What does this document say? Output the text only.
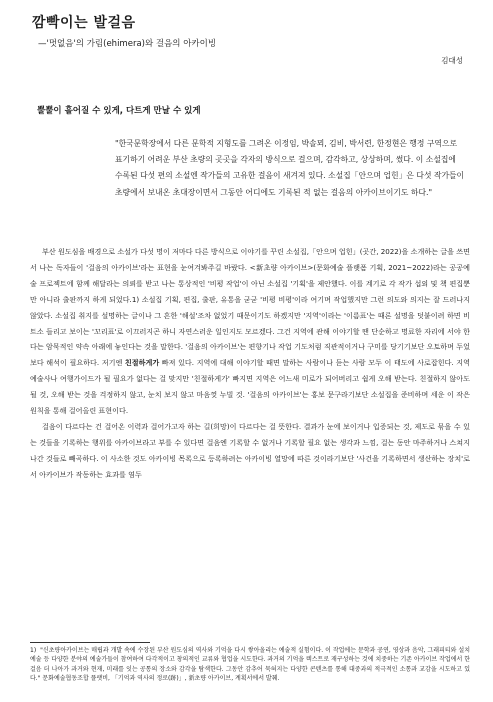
깜빡이는 발걸음
—'멋없음'의 가림(ehimera)와 걸음의 아카이빙
김대성
뿔뿔이 흩어질 수 있게, 다트게 만날 수 있게
"한국문학장에서 다른 문학적 지형도를 그려온 이정임, 박솔뫼, 김비, 박서련, 한정현은 행정 구역으로 표기하기 어려운 부산 초량의 곳곳을 각자의 방식으로 걸으며, 감각하고, 상상하며, 썼다. 이 소설집에 수록된 다섯 편의 소설엔 작가들의 고유한 걸음이 새겨져 있다. 소설집「안으며 업힌」은 다섯 작가들이 초량에서 보내온 초대장이면서 그동안 어디에도 기록된 적 없는 걸음의 아카이브이기도 하다."

부산 원도심을 배경으로 소설가 다섯 명이 저마다 다른 방식으로 이야기를 꾸린 소설집,「안으며 업힌」(곳간, 2022)을 소개하는 글을 쓰면서 나는 독자들이 '걸음의 아카이브'라는 표현을 눈여겨봐주길 바랐다. <新초량 아카이브>(문화예술 플랫폼 기획, 2021~2022)라는 공공예술 프로젝트에 함께 해달라는 의뢰를 받고 나는 통상적인 '비평 작업'이 아닌 소설집 '기획'을 제안했다. 이를 계기로 각 작가 섭외 및 책 편집뿐만 아니라 출판까지 하게 되었다.1) 소설집 기획, 편집, 출판, 유통을 굳굳 '비평 비평'이라 여기며 작업했지만 그런 의도와 의지는 잘 드러나지 않았다. 소설집 취지를 설명하는 글이나 그 흔한 '해설'조차 없었기 때문이기도 하겠지만 '지역'이라는 '이름표'는 때론 설명을 덧붙이려 하면 비트소 들리고 보이는 '꼬리표'로 이끄러지곤 하니 자연스러운 일인지도 모르겠다. 그건 지역에 관해 이야기할 땐 단순하고 명료한 자리에 서야 한다는 암묵적인 약속 아래에 놓인다는 것을 말한다. '걸음의 아카이브'는 편향기나 작업 기도처럼 직관적이거나 구미를 당기기보단 오토하며 두었보다 해석이 필요하다. 저기엔 친절하게가 빠져 있다. 지역에 대해 이야기할 때면 말하는 사람이나 듣는 사람 모두 이 태도에 사로잡힌다. 지역예술사나 여행가이드가 될 필요가 없다는 걸 맞지만 '친절하게가' 빠지면 지역은 어느새 미로가 되어버리고 쉽게 오해 받는다. 친절하지 않아도 될 것, 오해 받는 것을 걱정하지 않고, 눈치 보지 않고 마음껏 누빌 것. '걸음의 아카이브'는 홍보 문구라기보단 소설집을 준비하며 세운 이 작은 원칙을 통해 걸어올린 표현이다.

걸음이 다르다는 건 걸어온 이력과 걸어가고자 하는 길(희망)이 다르다는 걸 뜻한다. 결과가 눈에 보이거나 입증되는 것, 제도로 묶을 수 있는 것들을 기록하는 행위를 아카이브라고 부를 수 있다면 걸음엔 기록할 수 없거나 기록할 필요 없는 생각과 느낌, 걸는 동안 마주하거나 스쳐지나간 것들로 빼곡하다. 이 사소한 것도 아카이빙 목록으로 등록하려는 아카이빙 열망에 따른 것이라기보단 '사건을 기록하면서 생산하는 장치'로서 아카이브가 작동하는 효과를 염두

1) "신초량아카이브는 매립과 개발 속에 수장된 부산 원도심의 역사와 기억을 다시 쌓아올리는 예술적 실험이다. 이 작업에는 문학과 공연, 영상과 음악, 그래피티와 설치예술 등 다양한 분야의 예술가들이 참여하여 다각적이고 창의적인 교류와 협업을 시도한다. 과거의 기억을 텍스트로 재구성하는 것에 치중하는 기존 아카이브 작업에서 한 걸음 더 나아가 과거와 현재, 미래를 잇는 공통의 장소와 감각을 탐색한다. 그동안 감추어 묵혀지는 다양한 콘텐츠를 통해 대중과의 적극적인 소통과 교감을 시도하고 있다." 문화예술협동조합 플랫비, 「기억과 역사의 정로(跡)」, 新초량 아카이브, 계획서에서 발췌.
